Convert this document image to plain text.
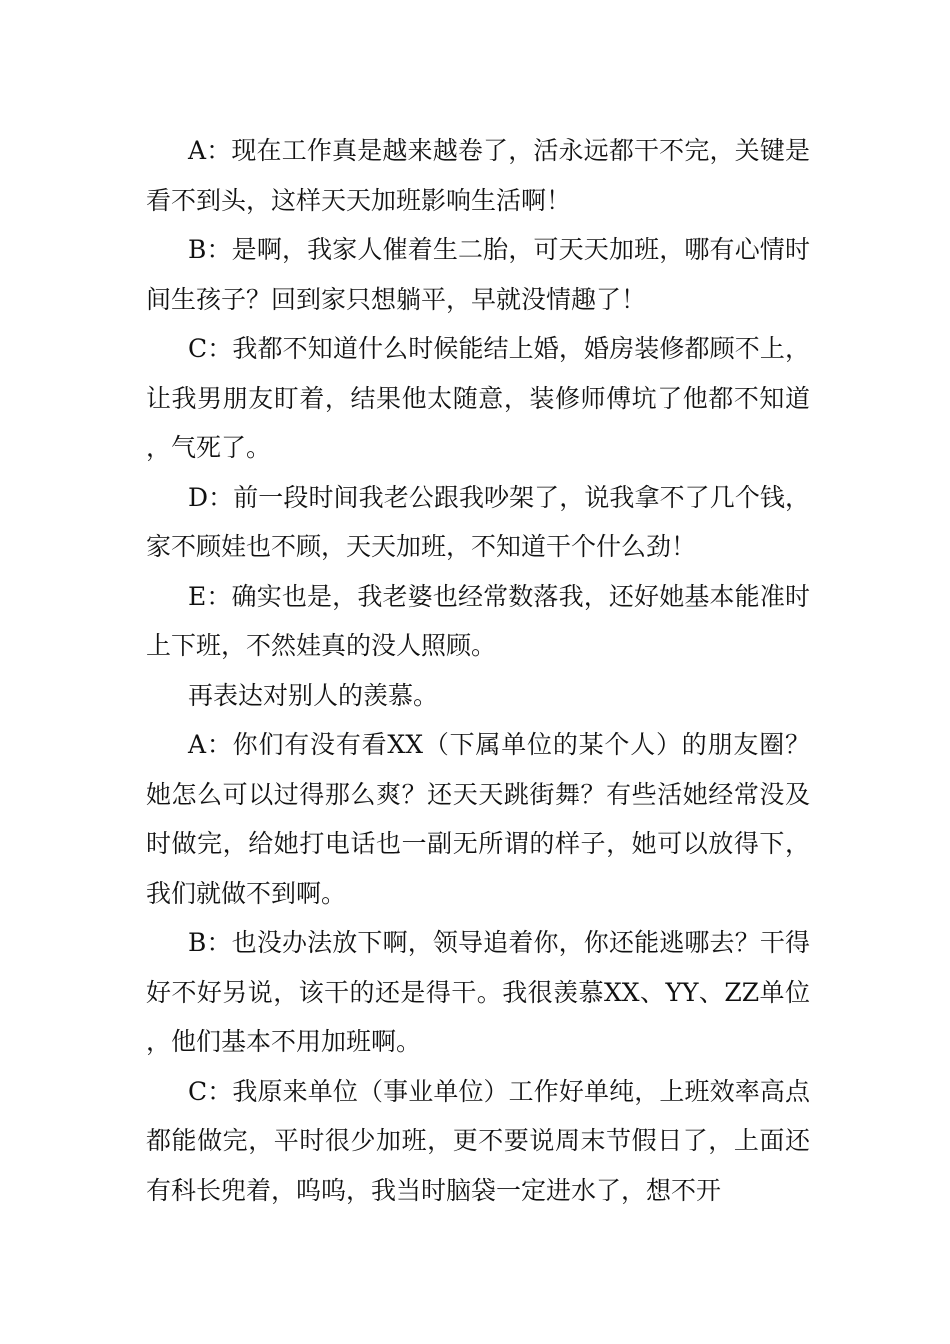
A：现在工作真是越来越卷了，活永远都干不完，关键是看不到头，这样天天加班影响生活啊！

B：是啊，我家人催着生二胎，可天天加班，哪有心情时间生孩子？回到家只想躺平，早就没情趣了！

C：我都不知道什么时候能结上婚，婚房装修都顾不上，让我男朋友盯着，结果他太随意，装修师傅坑了他都不知道，气死了。

D：前一段时间我老公跟我吵架了，说我拿不了几个钱，家不顾娃也不顾，天天加班，不知道干个什么劲！

E：确实也是，我老婆也经常数落我，还好她基本能准时上下班，不然娃真的没人照顾。

再表达对别人的羡慕。

A：你们有没有看XX（下属单位的某个人）的朋友圈？她怎么可以过得那么爽？还天天跳街舞？有些活她经常没及时做完，给她打电话也一副无所谓的样子，她可以放得下，我们就做不到啊。

B：也没办法放下啊，领导追着你，你还能逃哪去？干得好不好另说，该干的还是得干。我很羡慕XX、YY、ZZ单位，他们基本不用加班啊。

C：我原来单位（事业单位）工作好单纯，上班效率高点都能做完，平时很少加班，更不要说周末节假日了，上面还有科长兜着，呜呜，我当时脑袋一定进水了，想不开
